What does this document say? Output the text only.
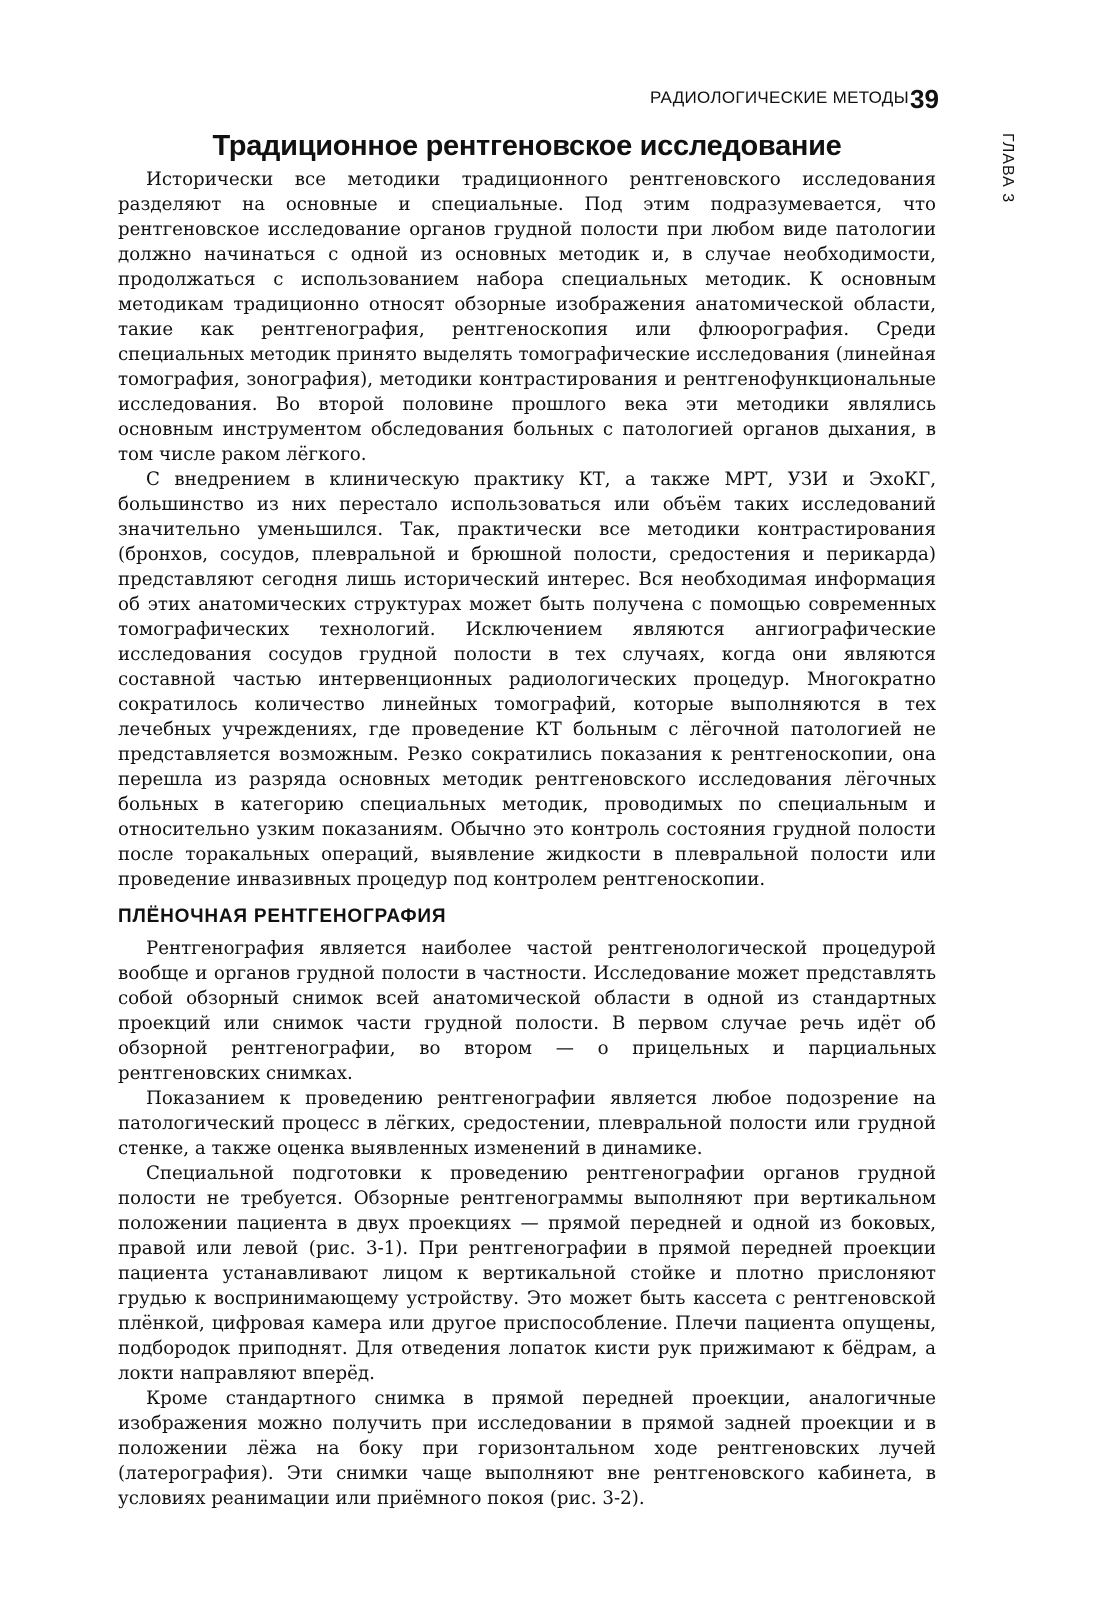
РАДИОЛОГИЧЕСКИЕ МЕТОДЫ 39
ГЛАВА 3
Традиционное рентгеновское исследование

Исторически все методики традиционного рентгеновского исследования разделяют на основные и специальные. Под этим подразумевается, что рентгеновское исследование органов грудной полости при любом виде патологии должно начинаться с одной из основных методик и, в случае необходимости, продолжаться с использованием набора специальных методик. К основным методикам традиционно относят обзорные изображения анатомической области, такие как рентгенография, рентгеноскопия или флюорография. Среди специальных методик принято выделять томографические исследования (линейная томография, зонография), методики контрастирования и рентгенофункциональные исследования. Во второй половине прошлого века эти методики являлись основным инструментом обследования больных с патологией органов дыхания, в том числе раком лёгкого.

С внедрением в клиническую практику КТ, а также МРТ, УЗИ и ЭхоКГ, большинство из них перестало использоваться или объём таких исследований значительно уменьшился. Так, практически все методики контрастирования (бронхов, сосудов, плевральной и брюшной полости, средостения и перикарда) представляют сегодня лишь исторический интерес. Вся необходимая информация об этих анатомических структурах может быть получена с помощью современных томографических технологий. Исключением являются ангиографические исследования сосудов грудной полости в тех случаях, когда они являются составной частью интервенционных радиологических процедур. Многократно сократилось количество линейных томографий, которые выполняются в тех лечебных учреждениях, где проведение КТ больным с лёгочной патологией не представляется возможным. Резко сократились показания к рентгеноскопии, она перешла из разряда основных методик рентгеновского исследования лёгочных больных в категорию специальных методик, проводимых по специальным и относительно узким показаниям. Обычно это контроль состояния грудной полости после торакальных операций, выявление жидкости в плевральной полости или проведение инвазивных процедур под контролем рентгеноскопии.

ПЛЁНОЧНАЯ РЕНТГЕНОГРАФИЯ

Рентгенография является наиболее частой рентгенологической процедурой вообще и органов грудной полости в частности. Исследование может представлять собой обзорный снимок всей анатомической области в одной из стандартных проекций или снимок части грудной полости. В первом случае речь идёт об обзорной рентгенографии, во втором — о прицельных и парциальных рентгеновских снимках.

Показанием к проведению рентгенографии является любое подозрение на патологический процесс в лёгких, средостении, плевральной полости или грудной стенке, а также оценка выявленных изменений в динамике.

Специальной подготовки к проведению рентгенографии органов грудной полости не требуется. Обзорные рентгенограммы выполняют при вертикальном положении пациента в двух проекциях — прямой передней и одной из боковых, правой или левой (рис. 3-1). При рентгенографии в прямой передней проекции пациента устанавливают лицом к вертикальной стойке и плотно прислоняют грудью к воспринимающему устройству. Это может быть кассета с рентгеновской плёнкой, цифровая камера или другое приспособление. Плечи пациента опущены, подбородок приподнят. Для отведения лопаток кисти рук прижимают к бёдрам, а локти направляют вперёд.

Кроме стандартного снимка в прямой передней проекции, аналогичные изображения можно получить при исследовании в прямой задней проекции и в положении лёжа на боку при горизонтальном ходе рентгеновских лучей (латерография). Эти снимки чаще выполняют вне рентгеновского кабинета, в условиях реанимации или приёмного покоя (рис. 3-2).
